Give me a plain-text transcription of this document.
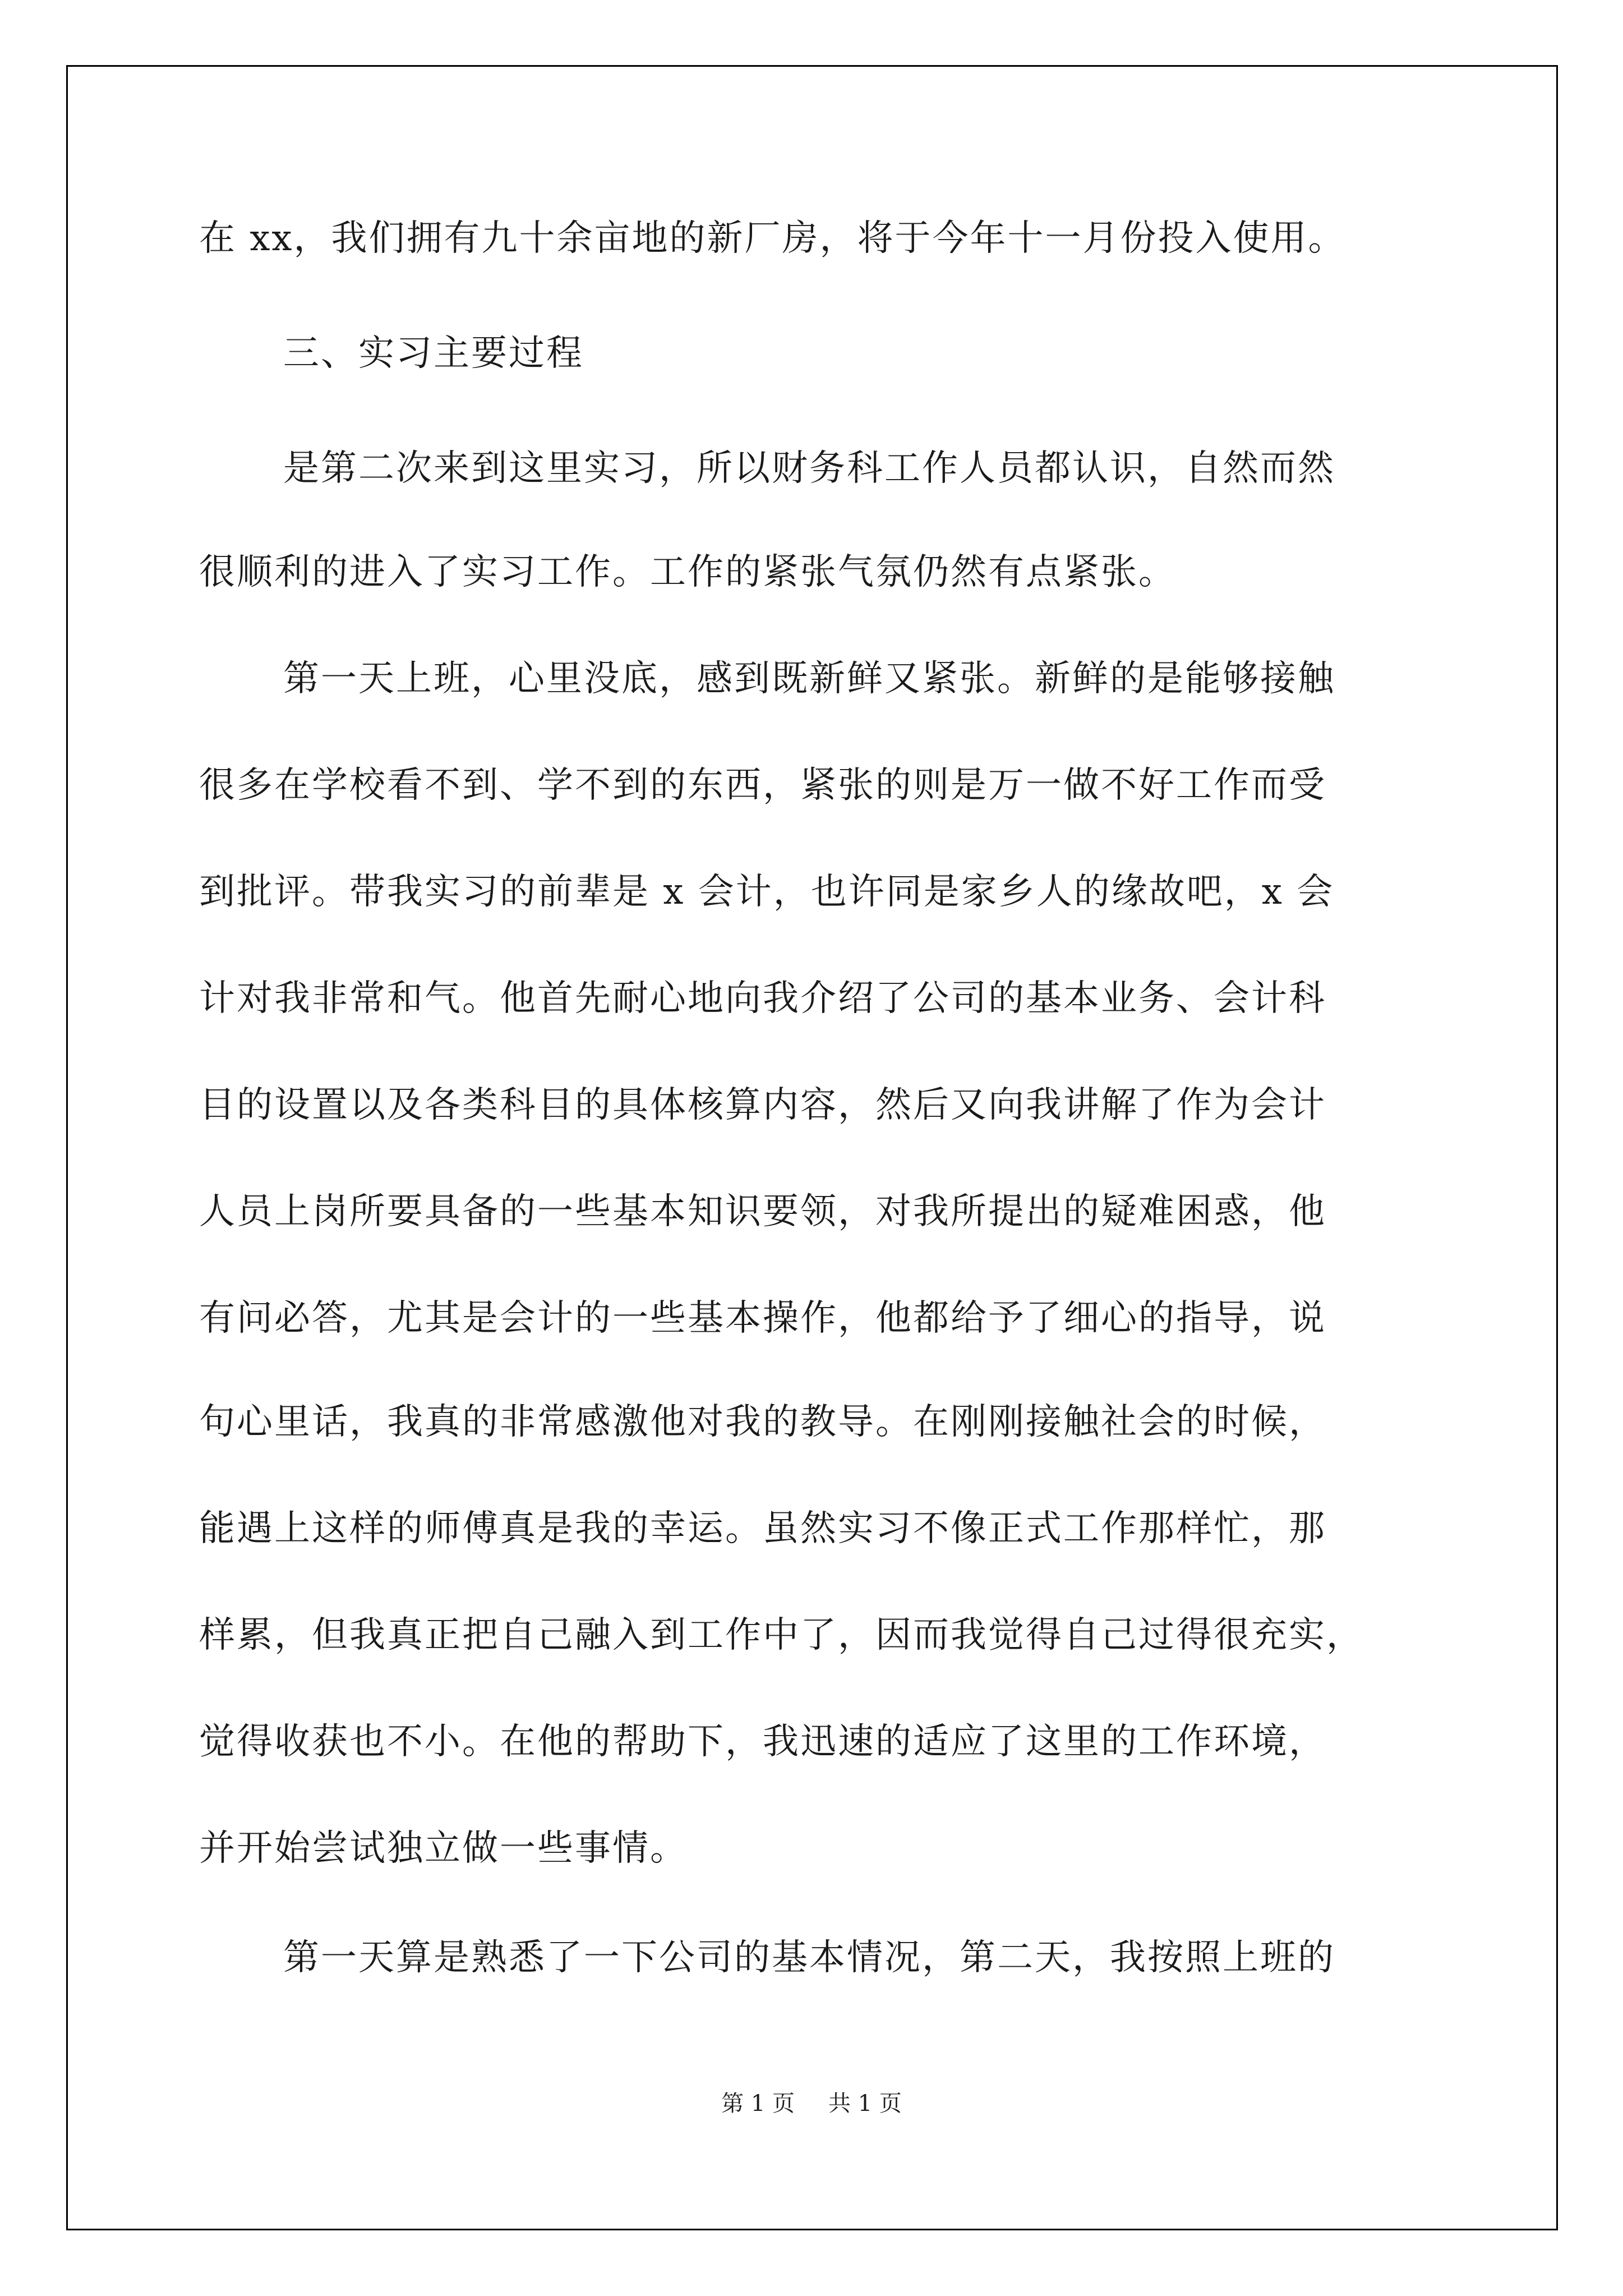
在 xx，我们拥有九十余亩地的新厂房，将于今年十一月份投入使用。
三、实习主要过程
是第二次来到这里实习，所以财务科工作人员都认识，自然而然
很顺利的进入了实习工作。工作的紧张气氛仍然有点紧张。
第一天上班，心里没底，感到既新鲜又紧张。新鲜的是能够接触
很多在学校看不到、学不到的东西，紧张的则是万一做不好工作而受
到批评。带我实习的前辈是 x 会计，也许同是家乡人的缘故吧，x 会
计对我非常和气。他首先耐心地向我介绍了公司的基本业务、会计科
目的设置以及各类科目的具体核算内容，然后又向我讲解了作为会计
人员上岗所要具备的一些基本知识要领，对我所提出的疑难困惑，他
有问必答，尤其是会计的一些基本操作，他都给予了细心的指导，说
句心里话，我真的非常感激他对我的教导。在刚刚接触社会的时候，
能遇上这样的师傅真是我的幸运。虽然实习不像正式工作那样忙，那
样累，但我真正把自己融入到工作中了，因而我觉得自己过得很充实，
觉得收获也不小。在他的帮助下，我迅速的适应了这里的工作环境，
并开始尝试独立做一些事情。
第一天算是熟悉了一下公司的基本情况，第二天，我按照上班的
第 1 页 共 1 页
